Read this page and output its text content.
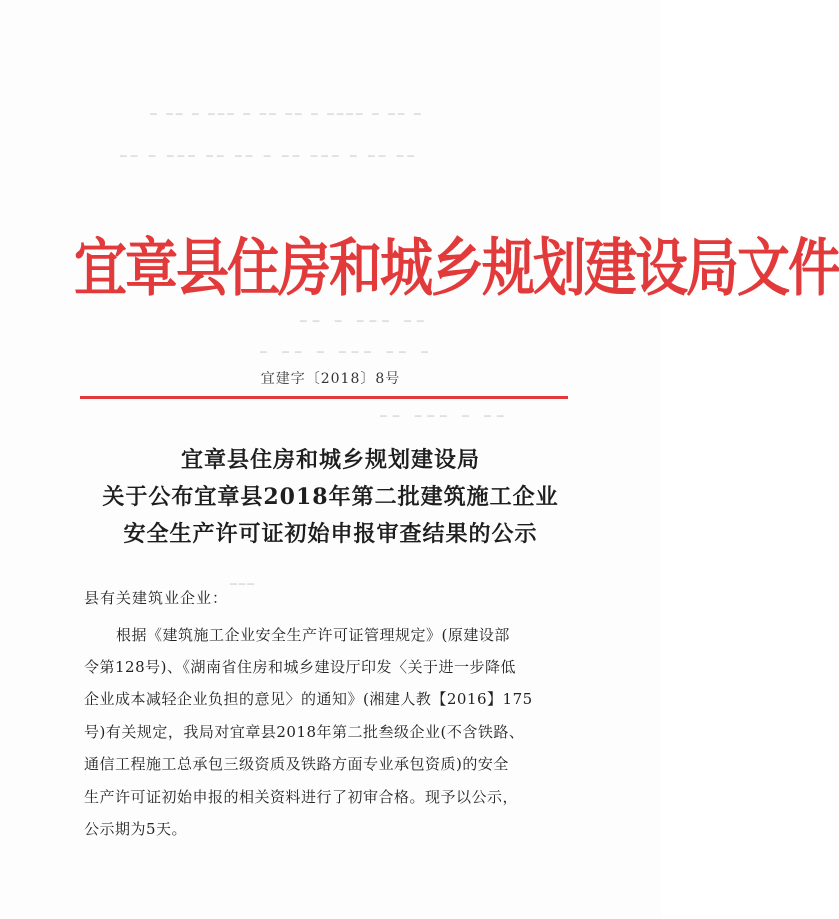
━ ━━ ━ ━━━ ━ ━━ ━━ ━ ━━━━ ━ ━━ ━
━━ ━ ━━━ ━━ ━━ ━ ━━ ━━━ ━ ━━ ━━
━━ ━ ━━━ ━━
━ ━━ ━ ━━━ ━━ ━
━━ ━━━ ━ ━━
━━━
宜章县住房和城乡规划建设局文件
宜建字〔2018〕8号
宜章县住房和城乡规划建设局
关于公布宜章县2018年第二批建筑施工企业
安全生产许可证初始申报审查结果的公示
县有关建筑业企业：
根据《建筑施工企业安全生产许可证管理规定》(原建设部
令第128号)、《湖南省住房和城乡建设厅印发〈关于进一步降低
企业成本减轻企业负担的意见〉的通知》(湘建人教【2016】175
号)有关规定，我局对宜章县2018年第二批叁级企业(不含铁路、
通信工程施工总承包三级资质及铁路方面专业承包资质)的安全
生产许可证初始申报的相关资料进行了初审合格。现予以公示，
公示期为5天。
